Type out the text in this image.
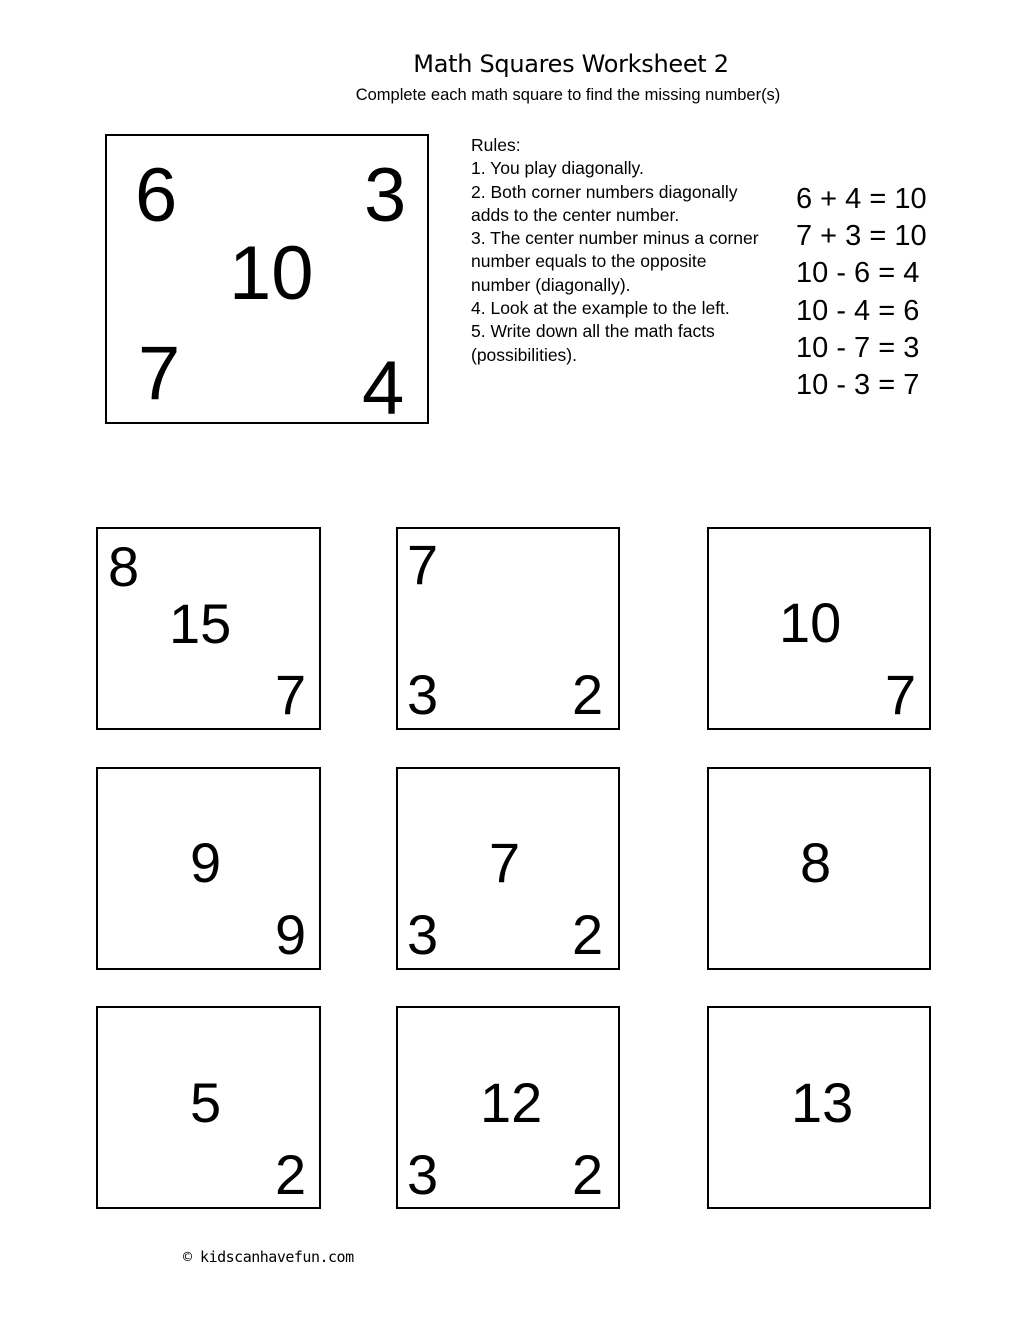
Math Squares Worksheet 2
Complete each math square to find the missing number(s)
6 3
10
7 4
Rules:
1. You play diagonally.
2. Both corner numbers diagonally adds to the center number.
3. The center number minus a corner number equals to the opposite number (diagonally).
4. Look at the example to the left.
5. Write down all the math facts (possibilities).
6 + 4 = 10
7 + 3 = 10
10 - 6 = 4
10 - 4 = 6
10 - 7 = 3
10 - 3 = 7
8
15
7
7
3 2
10
7
9
9
7
3 2
8
5
2
12
3 2
13
© kidscanhavefun.com
